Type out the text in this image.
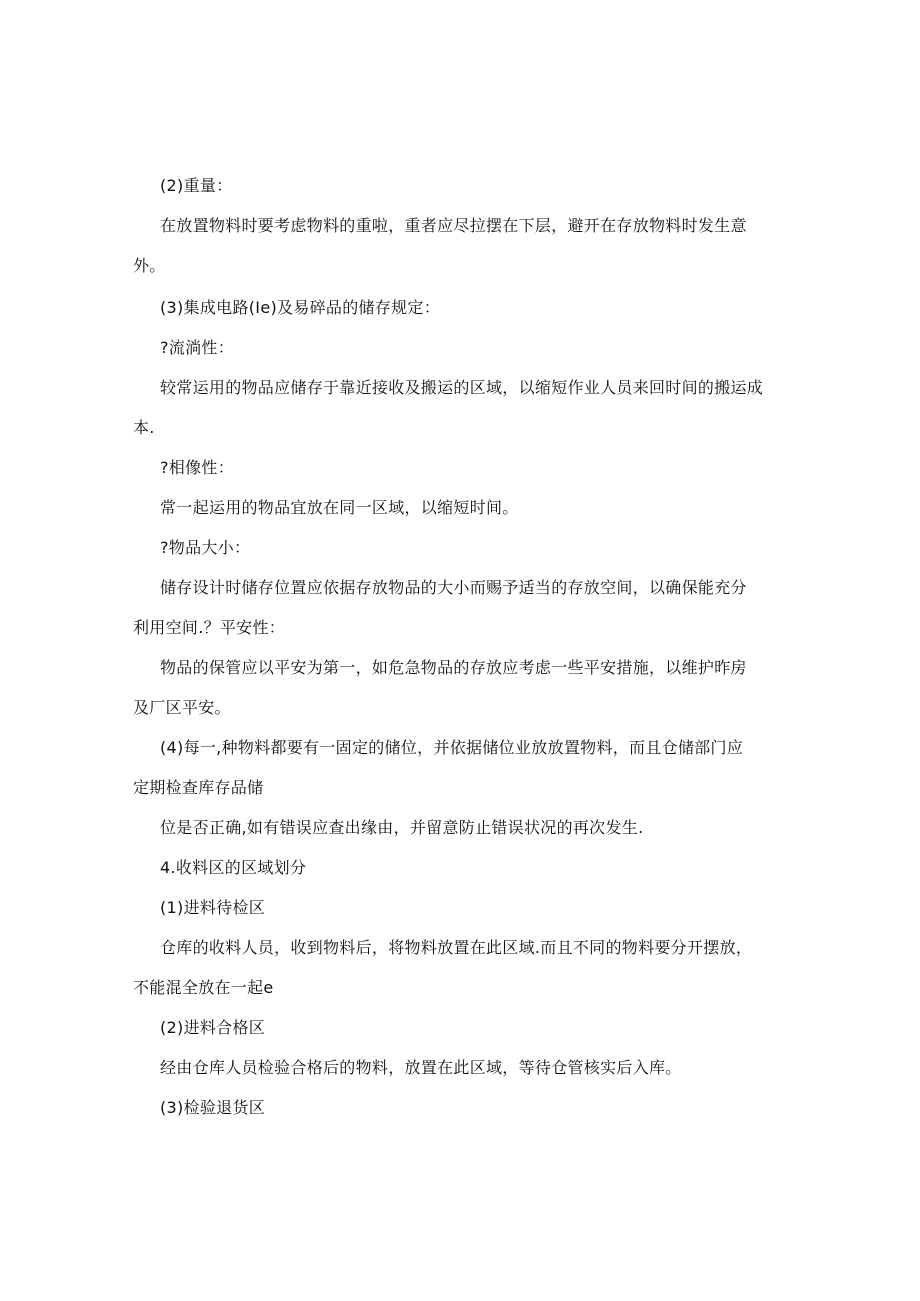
(2)重量：
在放置物料时要考虑物料的重啦，重者应尽拉摆在下层，避开在存放物料时发生意
外。
(3)集成电路(Ie)及易碎品的储存规定：
?流淌性：
较常运用的物品应储存于靠近接收及搬运的区域，以缩短作业人员来回时间的搬运成
本.
?相像性：
常一起运用的物品宜放在同一区域，以缩短时间。
?物品大小：
储存设计时储存位置应依据存放物品的大小而赐予适当的存放空间，以确保能充分
利用空间.？平安性：
物品的保管应以平安为第一，如危急物品的存放应考虑一些平安措施，以维护昨房
及厂区平安。
(4)每一,种物料都要有一固定的储位，并依据储位业放放置物料，而且仓储部门应
定期检查库存品储
位是否正确,如有错误应查出缘由，并留意防止错误状况的再次发生.
4.收料区的区域划分
(1)进料待检区
仓库的收料人员，收到物料后，将物料放置在此区域.而且不同的物料要分开摆放，
不能混全放在一起e
(2)进料合格区
经由仓库人员检验合格后的物料，放置在此区域，等待仓管核实后入库。
(3)检验退货区
